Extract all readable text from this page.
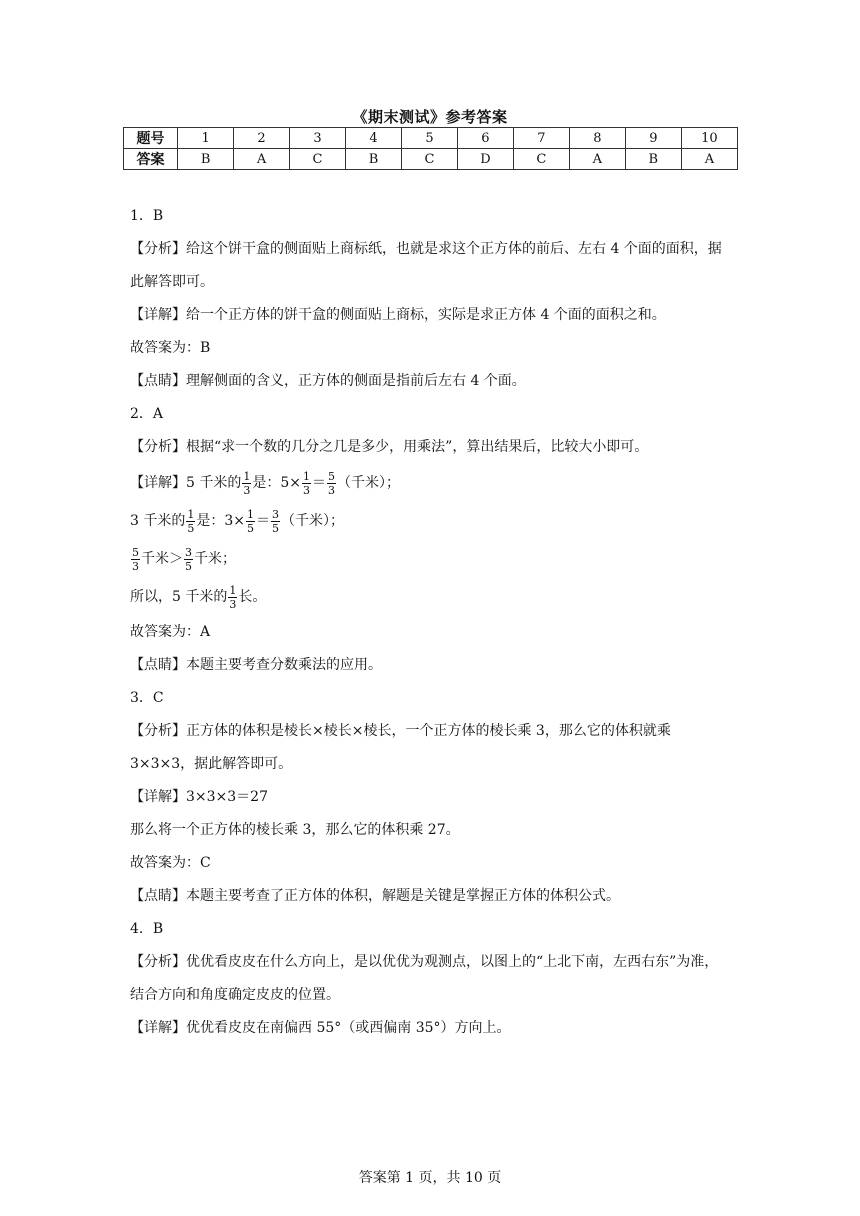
《期末测试》参考答案
题号	1	2	3	4	5	6	7	8	9	10
答案	B	A	C	B	C	D	C	A	B	A

1．B

【分析】给这个饼干盒的侧面贴上商标纸，也就是求这个正方体的前后、左右 4 个面的面积，据此解答即可。

【详解】给一个正方体的饼干盒的侧面贴上商标，实际是求正方体 4 个面的面积之和。

故答案为：B

【点睛】理解侧面的含义，正方体的侧面是指前后左右 4 个面。

2．A

【分析】根据“求一个数的几分之几是多少，用乘法”，算出结果后，比较大小即可。

【详解】5 千米的 $\frac{1}{3}$ 是：$5\times \frac{1}{3} = \frac{5}{3}$ （千米）；

3 千米的 $\frac{1}{5}$ 是：$3\times \frac{1}{5} = \frac{3}{5}$ （千米）；

$\frac{5}{3}$ 千米＞ $\frac{3}{5}$ 千米；

所以，5 千米的 $\frac{1}{3}$ 长。

故答案为：A

【点睛】本题主要考查分数乘法的应用。

3．C

【分析】正方体的体积是棱长×棱长×棱长，一个正方体的棱长乘 3，那么它的体积就乘 3×3×3，据此解答即可。

【详解】3×3×3＝27

那么将一个正方体的棱长乘 3，那么它的体积乘 27。

故答案为：C

【点睛】本题主要考查了正方体的体积，解题是关键是掌握正方体的体积公式。

4．B

【分析】优优看皮皮在什么方向上，是以优优为观测点，以图上的“上北下南，左西右东”为准，结合方向和角度确定皮皮的位置。

【详解】优优看皮皮在南偏西 55°（或西偏南 35°）方向上。

答案第 1 页，共 10 页
